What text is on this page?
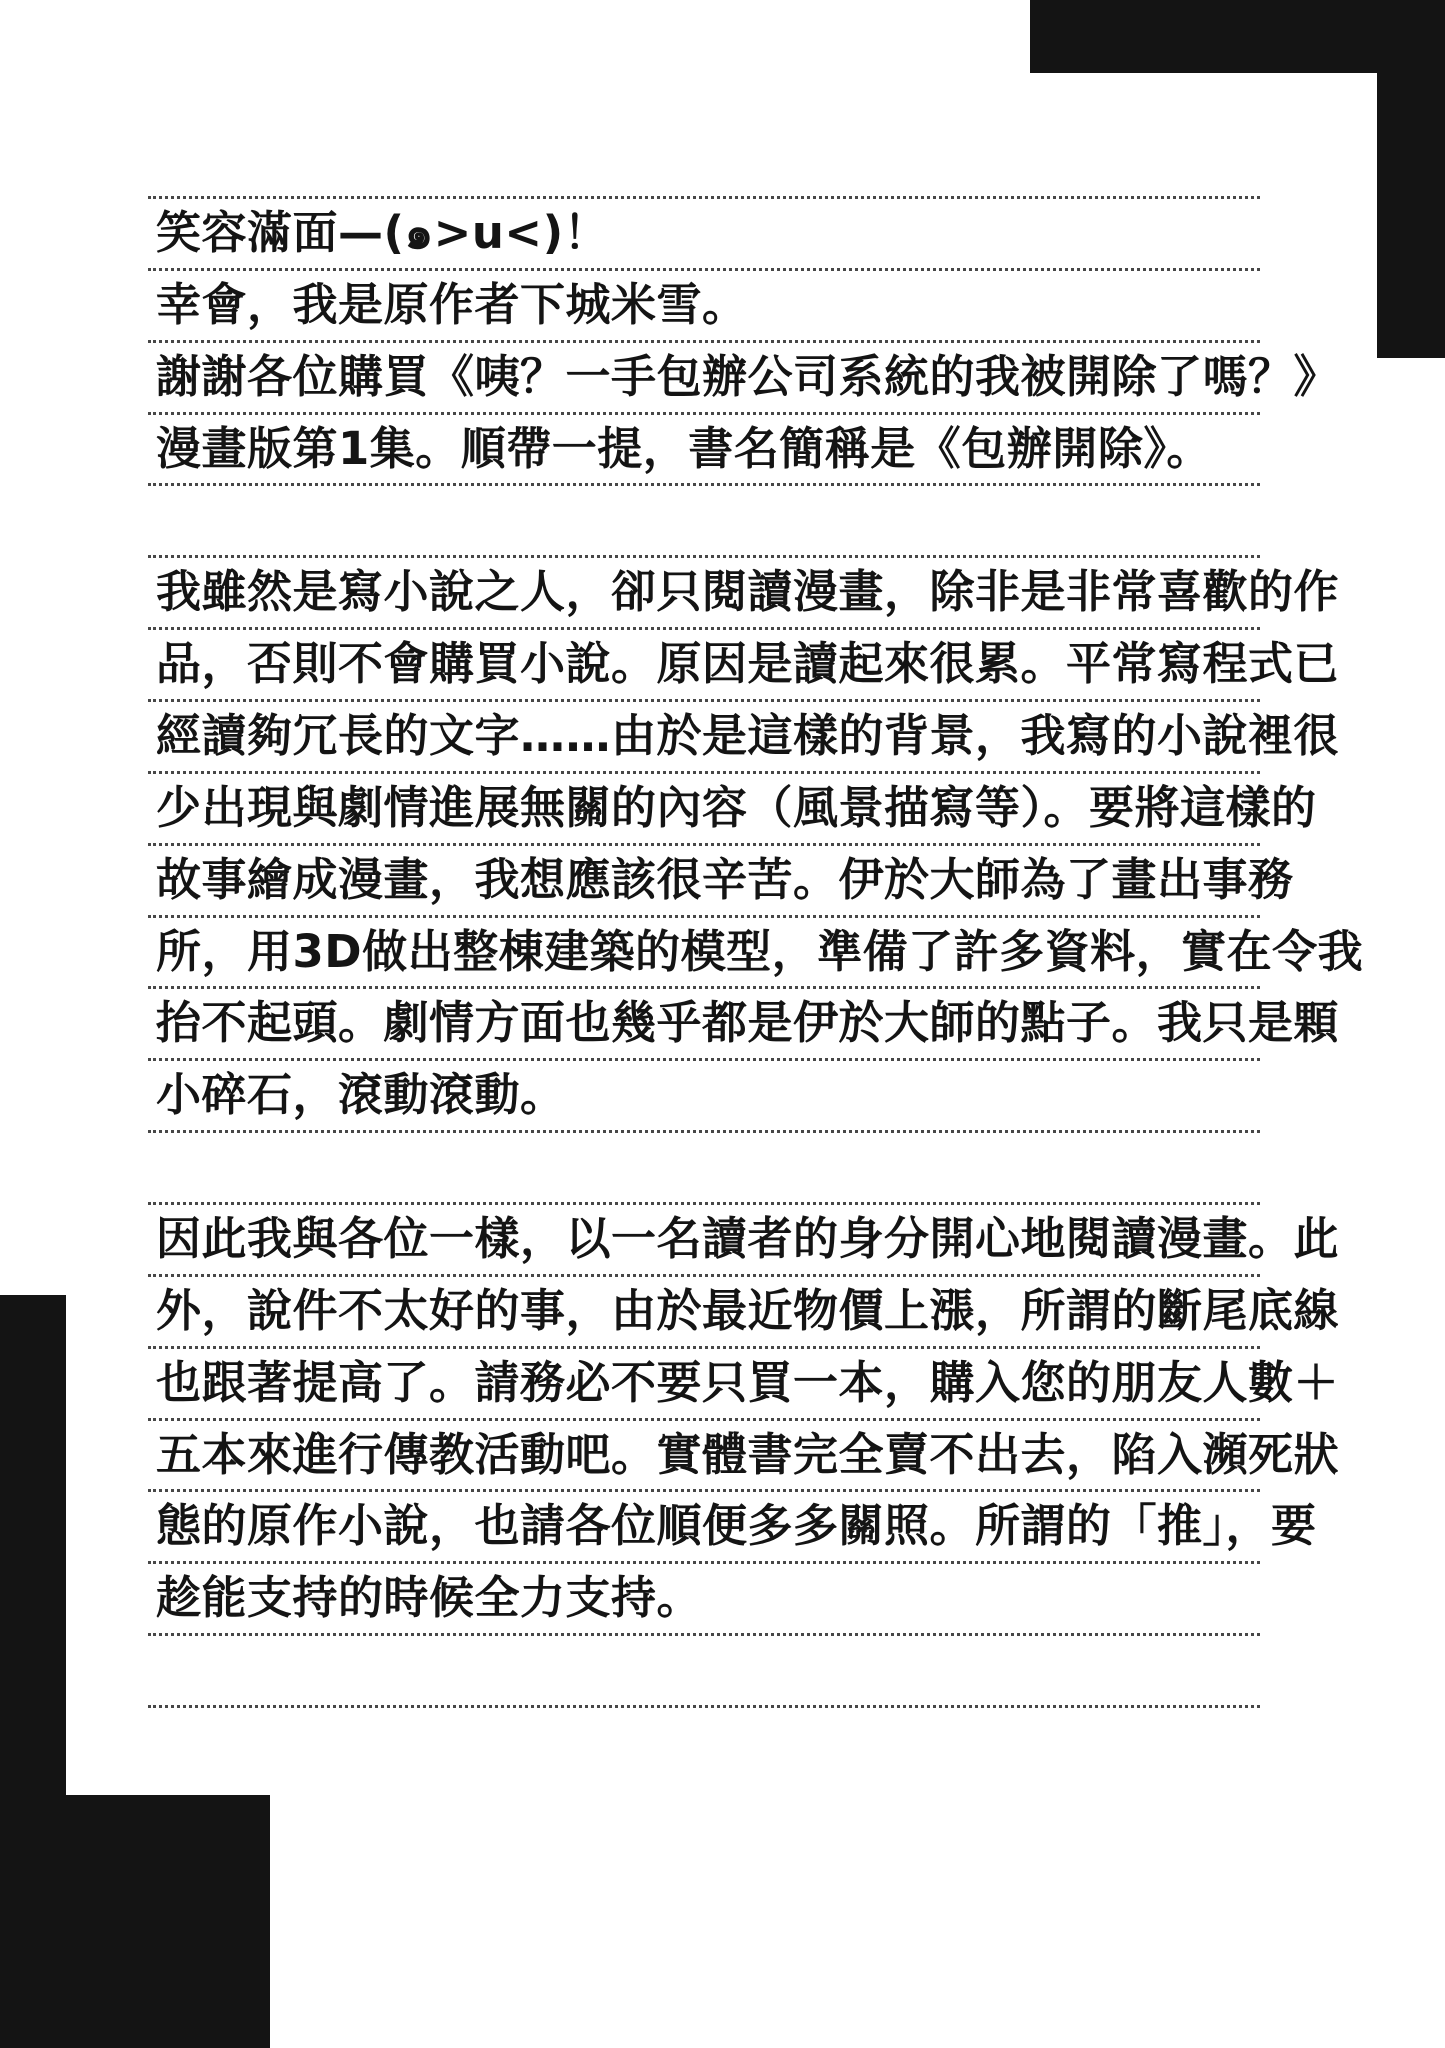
笑容滿面—(๑>u<)！
幸會，我是原作者下城米雪。
謝謝各位購買《咦？一手包辦公司系統的我被開除了嗎？》
漫畫版第1集。順帶一提，書名簡稱是《包辦開除》。
我雖然是寫小說之人，卻只閱讀漫畫，除非是非常喜歡的作
品，否則不會購買小說。原因是讀起來很累。平常寫程式已
經讀夠冗長的文字……由於是這樣的背景，我寫的小說裡很
少出現與劇情進展無關的內容（風景描寫等）。要將這樣的
故事繪成漫畫，我想應該很辛苦。伊於大師為了畫出事務
所，用3D做出整棟建築的模型，準備了許多資料，實在令我
抬不起頭。劇情方面也幾乎都是伊於大師的點子。我只是顆
小碎石，滾動滾動。
因此我與各位一樣，以一名讀者的身分開心地閱讀漫畫。此
外，說件不太好的事，由於最近物價上漲，所謂的斷尾底線
也跟著提高了。請務必不要只買一本，購入您的朋友人數＋
五本來進行傳教活動吧。實體書完全賣不出去，陷入瀕死狀
態的原作小說，也請各位順便多多關照。所謂的「推」，要
趁能支持的時候全力支持。
